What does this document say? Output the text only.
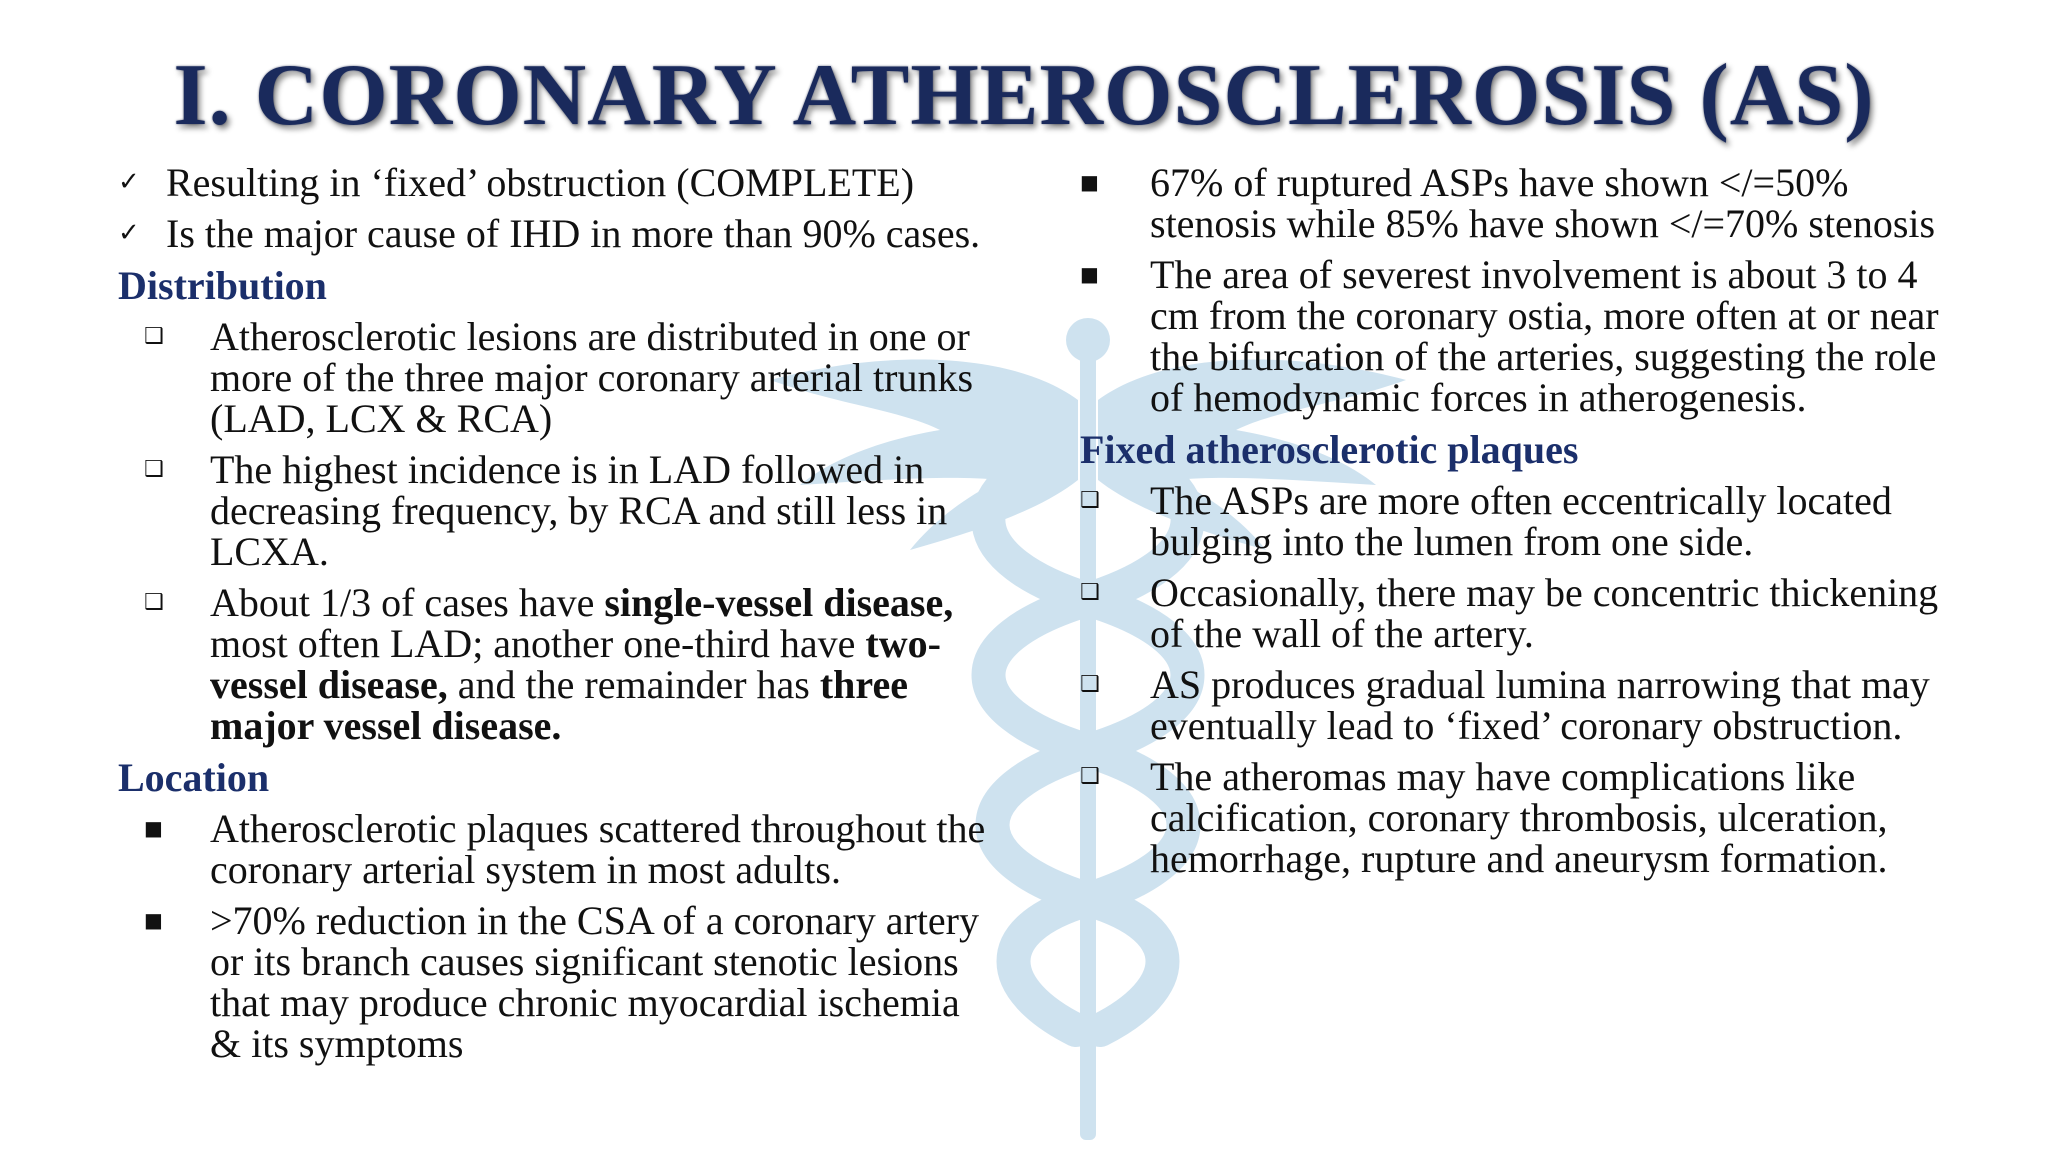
I. CORONARY ATHEROSCLEROSIS (AS)
✓ Resulting in ‘fixed’ obstruction (COMPLETE)
✓ Is the major cause of IHD in more than 90% cases.
Distribution
❑	Atherosclerotic lesions are distributed in one or more of the three major coronary arterial trunks (LAD, LCX & RCA)
❑	The highest incidence is in LAD followed in decreasing frequency, by RCA and still less in LCXA.
❑	About 1/3 of cases have single-vessel disease, most often LAD; another one-third have two-vessel disease, and the remainder has three major vessel disease.
Location
■	Atherosclerotic plaques scattered throughout the coronary arterial system in most adults.
■	>70% reduction in the CSA of a coronary artery or its branch causes significant stenotic lesions that may produce chronic myocardial ischemia & its symptoms
■	67% of ruptured ASPs have shown </=50% stenosis while 85% have shown </=70% stenosis
■	The area of severest involvement is about 3 to 4 cm from the coronary ostia, more often at or near the bifurcation of the arteries, suggesting the role of hemodynamic forces in atherogenesis.
Fixed atherosclerotic plaques
❑	The ASPs are more often eccentrically located bulging into the lumen from one side.
❑	Occasionally, there may be concentric thickening of the wall of the artery.
❑	AS produces gradual lumina narrowing that may eventually lead to ‘fixed’ coronary obstruction.
❑	The atheromas may have complications like calcification, coronary thrombosis, ulceration, hemorrhage, rupture and aneurysm formation.
